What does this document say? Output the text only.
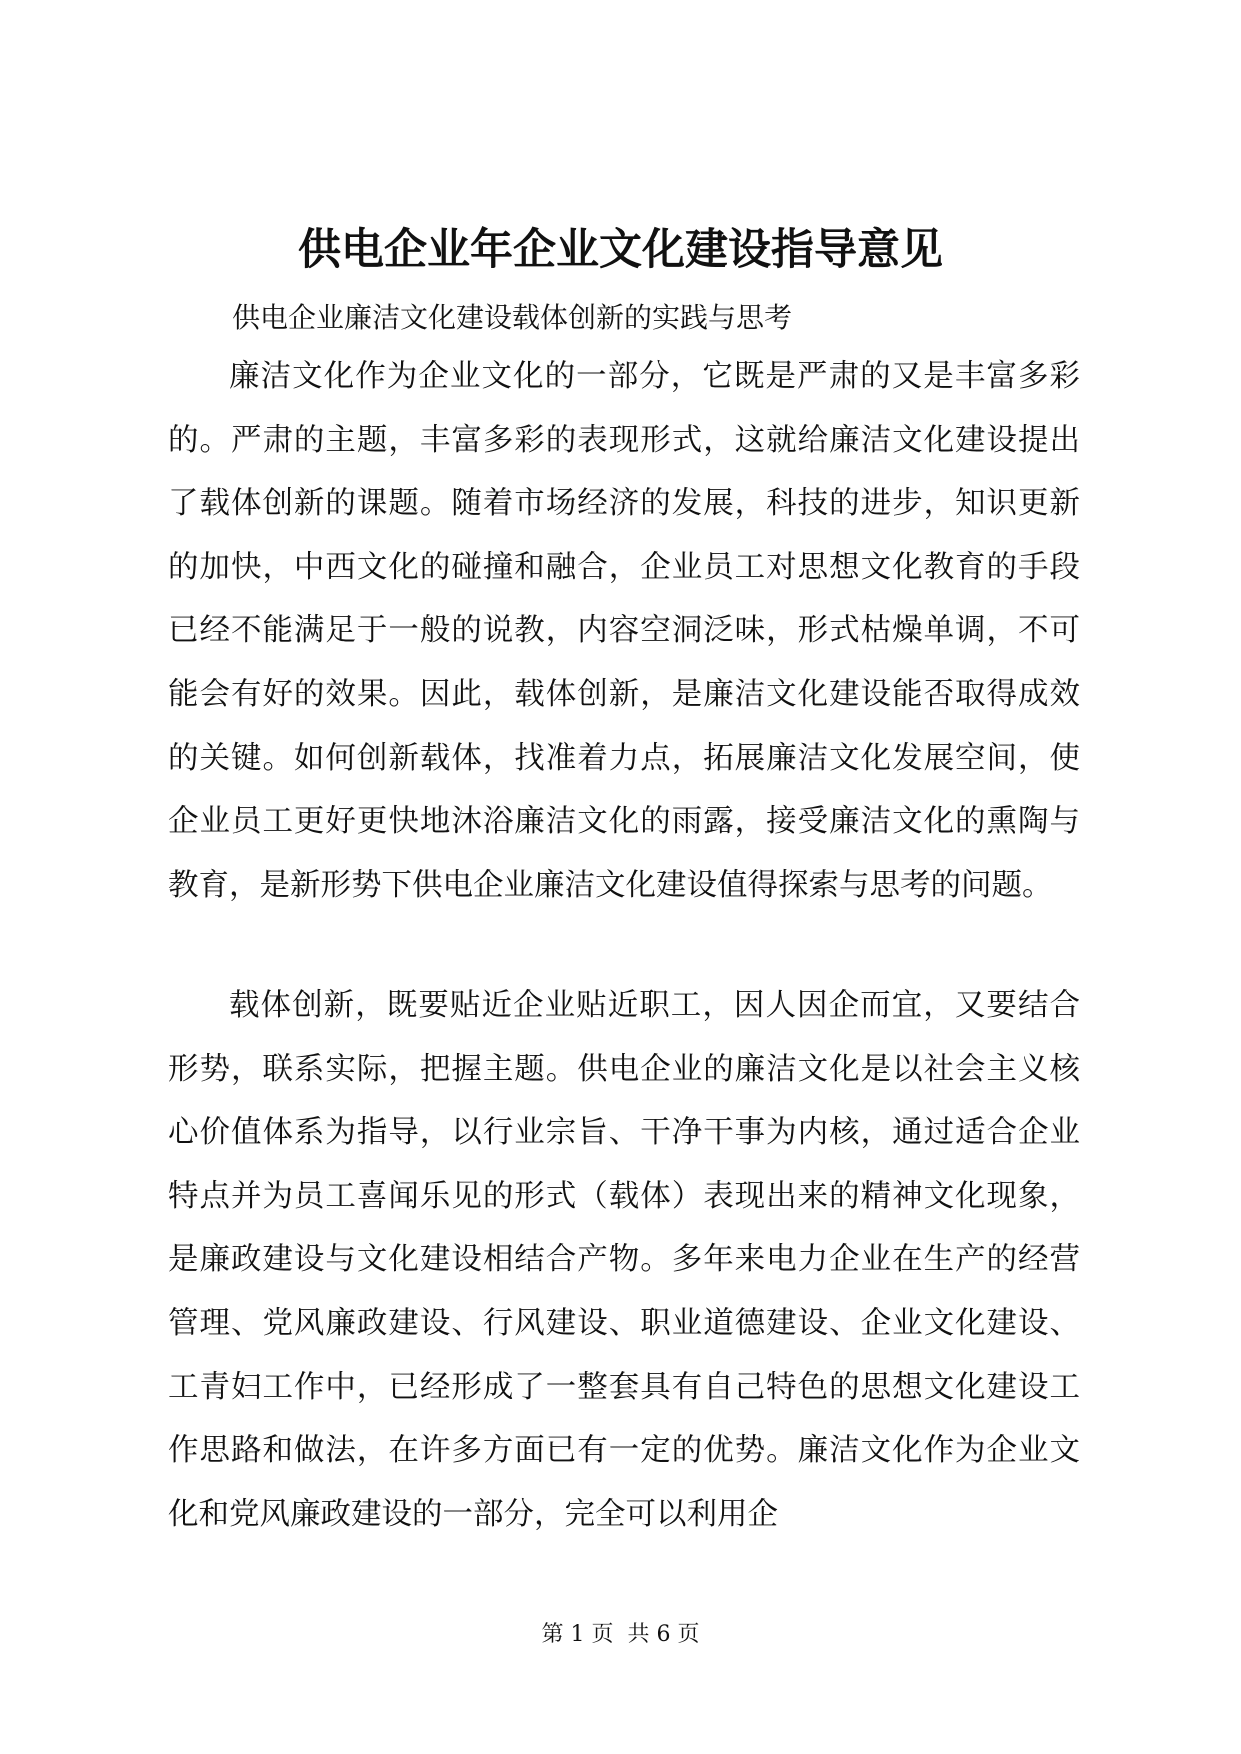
供电企业年企业文化建设指导意见

供电企业廉洁文化建设载体创新的实践与思考

廉洁文化作为企业文化的一部分，它既是严肃的又是丰富多彩的。严肃的主题，丰富多彩的表现形式，这就给廉洁文化建设提出了载体创新的课题。随着市场经济的发展，科技的进步，知识更新的加快，中西文化的碰撞和融合，企业员工对思想文化教育的手段已经不能满足于一般的说教，内容空洞泛味，形式枯燥单调，不可能会有好的效果。因此，载体创新，是廉洁文化建设能否取得成效的关键。如何创新载体，找准着力点，拓展廉洁文化发展空间，使企业员工更好更快地沐浴廉洁文化的雨露，接受廉洁文化的熏陶与教育，是新形势下供电企业廉洁文化建设值得探索与思考的问题。

载体创新，既要贴近企业贴近职工，因人因企而宜，又要结合形势，联系实际，把握主题。供电企业的廉洁文化是以社会主义核心价值体系为指导，以行业宗旨、干净干事为内核，通过适合企业特点并为员工喜闻乐见的形式（载体）表现出来的精神文化现象，是廉政建设与文化建设相结合产物。多年来电力企业在生产的经营管理、党风廉政建设、行风建设、职业道德建设、企业文化建设、工青妇工作中，已经形成了一整套具有自己特色的思想文化建设工作思路和做法，在许多方面已有一定的优势。廉洁文化作为企业文化和党风廉政建设的一部分，完全可以利用企

第 1 页  共 6 页
